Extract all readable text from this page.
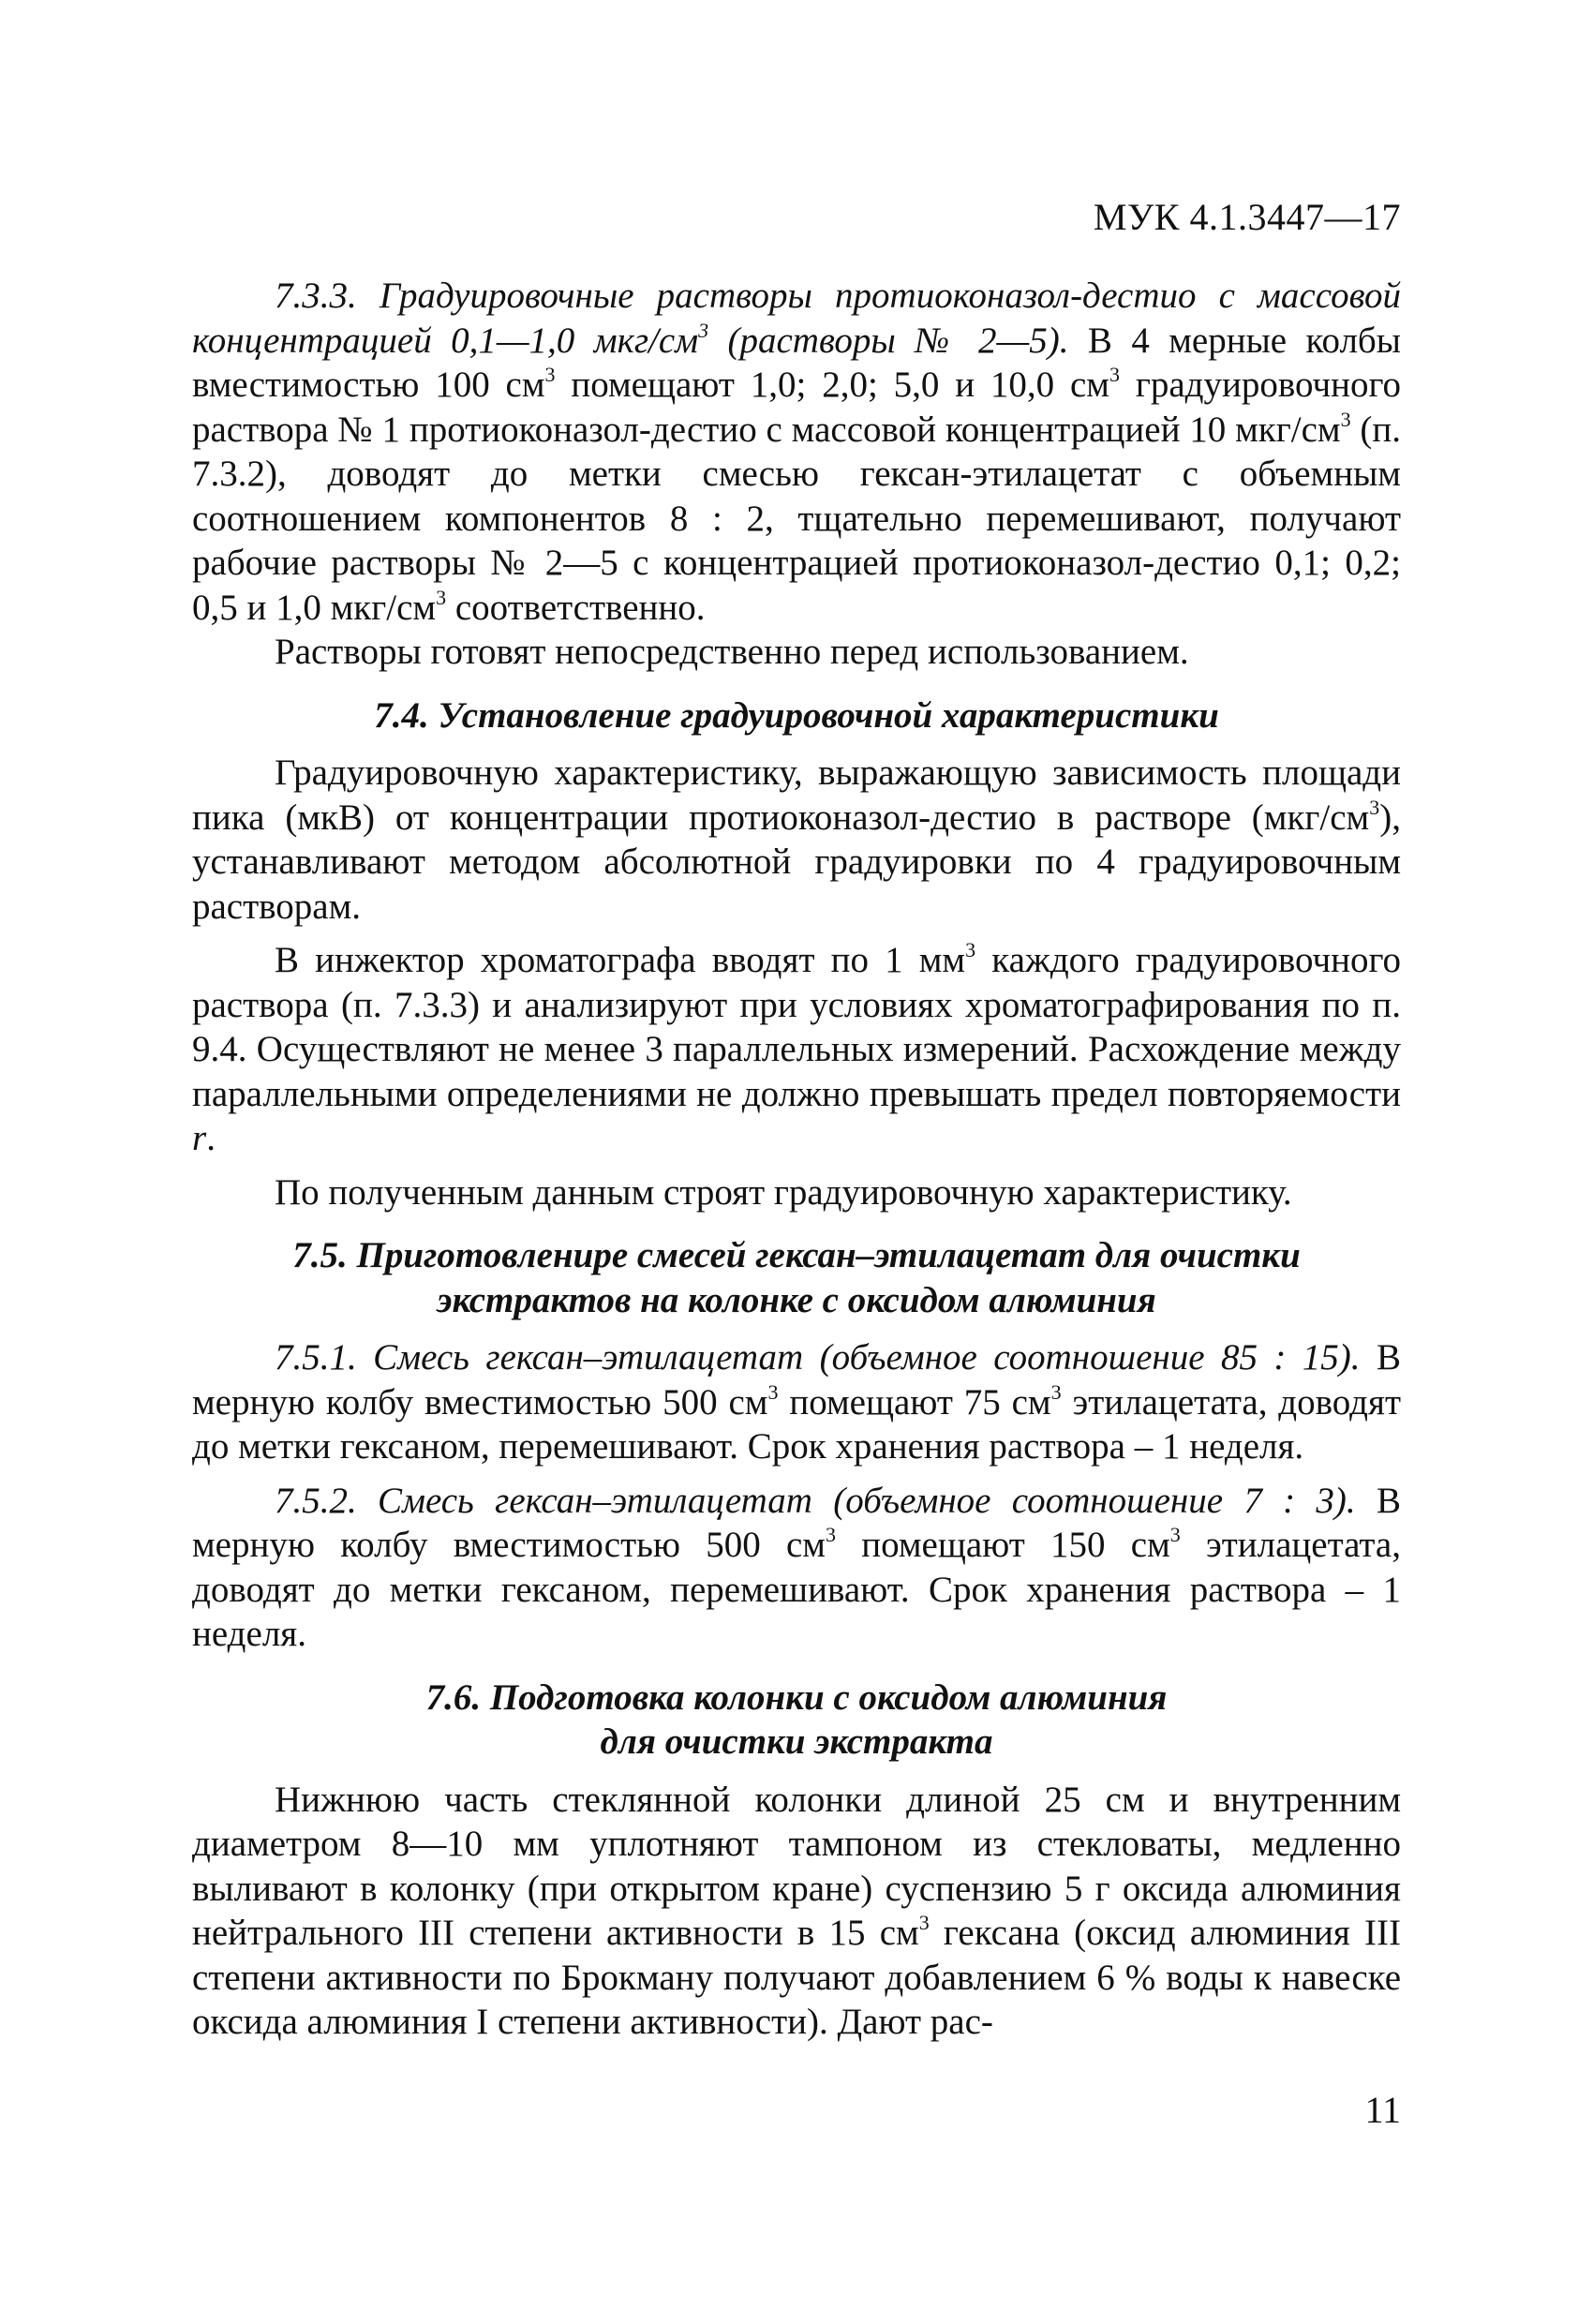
МУК 4.1.3447—17

7.3.3. Градуировочные растворы протиоконазол-дестио с массовой концентрацией 0,1—1,0 мкг/$см^3$ (растворы № 2—5). В 4 мерные колбы вместимостью 100 $см^3$ помещают 1,0; 2,0; 5,0 и 10,0 $см^3$ градуировочного раствора № 1 протиоконазол-дестио с массовой концентрацией 10 мкг/$см^3$ (п. 7.3.2), доводят до метки смесью гексан-этилацетат с объемным соотношением компонентов 8 : 2, тщательно перемешивают, получают рабочие растворы № 2—5 с концентрацией протиоконазол-дестио 0,1; 0,2; 0,5 и 1,0 мкг/$см^3$ соответственно.

Растворы готовят непосредственно перед использованием.

7.4. Установление градуировочной характеристики

Градуировочную характеристику, выражающую зависимость площади пика (мкВ) от концентрации протиоконазол-дестио в растворе $(мкг/см^3)$, устанавливают методом абсолютной градуировки по 4 градуировочным растворам.

В инжектор хроматографа вводят по 1 $мм^3$ каждого градуировочного раствора (п. 7.3.3) и анализируют при условиях хроматографирования по п. 9.4. Осуществляют не менее 3 параллельных измерений. Расхождение между параллельными определениями не должно превышать предел повторяемости r.

По полученным данным строят градуировочную характеристику.

7.5. Приготовленире смесей гексан–этилацетат для очистки
экстрактов на колонке с оксидом алюминия

7.5.1. Смесь гексан–этилацетат (объемное соотношение 85 : 15). В мерную колбу вместимостью 500 $см^3$ помещают 75 $см^3$ этилацетата, доводят до метки гексаном, перемешивают. Срок хранения раствора – 1 неделя.

7.5.2. Смесь гексан–этилацетат (объемное соотношение 7 : 3). В мерную колбу вместимостью 500 $см^3$ помещают 150 $см^3$ этилацетата, доводят до метки гексаном, перемешивают. Срок хранения раствора – 1 неделя.

7.6. Подготовка колонки с оксидом алюминия
для очистки экстракта

Нижнюю часть стеклянной колонки длиной 25 см и внутренним диаметром 8—10 мм уплотняют тампоном из стекловаты, медленно выливают в колонку (при открытом кране) суспензию 5 г оксида алюминия нейтрального III степени активности в 15 $см^3$ гексана (оксид алюминия III степени активности по Брокману получают добавлением 6 % воды к навеске оксида алюминия I степени активности). Дают рас-

11
